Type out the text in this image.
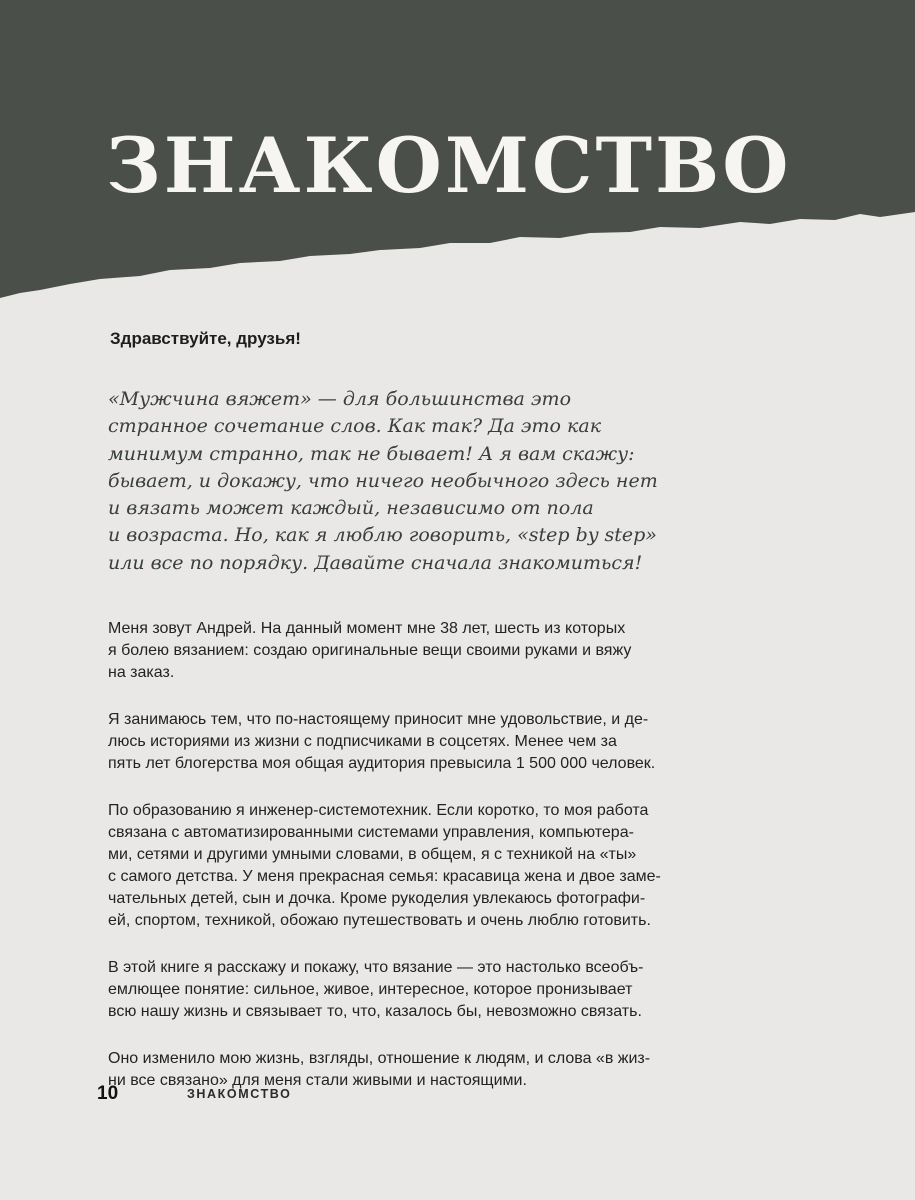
ЗНАКОМСТВО

Здравствуйте, друзья!

«Мужчина вяжет» — для большинства это
странное сочетание слов. Как так? Да это как
минимум странно, так не бывает! А я вам скажу:
бывает, и докажу, что ничего необычного здесь нет
и вязать может каждый, независимо от пола
и возраста. Но, как я люблю говорить, «step by step»
или все по порядку. Давайте сначала знакомиться!

Меня зовут Андрей. На данный момент мне 38 лет, шесть из которых
я болею вязанием: создаю оригинальные вещи своими руками и вяжу
на заказ.

Я занимаюсь тем, что по-настоящему приносит мне удовольствие, и де-
люсь историями из жизни с подписчиками в соцсетях. Менее чем за
пять лет блогерства моя общая аудитория превысила 1 500 000 человек.

По образованию я инженер-системотехник. Если коротко, то моя работа
связана с автоматизированными системами управления, компьютера-
ми, сетями и другими умными словами, в общем, я с техникой на «ты»
с самого детства. У меня прекрасная семья: красавица жена и двое заме-
чательных детей, сын и дочка. Кроме рукоделия увлекаюсь фотографи-
ей, спортом, техникой, обожаю путешествовать и очень люблю готовить.

В этой книге я расскажу и покажу, что вязание — это настолько всеобъ-
емлющее понятие: сильное, живое, интересное, которое пронизывает
всю нашу жизнь и связывает то, что, казалось бы, невозможно связать.

Оно изменило мою жизнь, взгляды, отношение к людям, и слова «в жиз-
ни все связано» для меня стали живыми и настоящими.

10	ЗНАКОМСТВО
